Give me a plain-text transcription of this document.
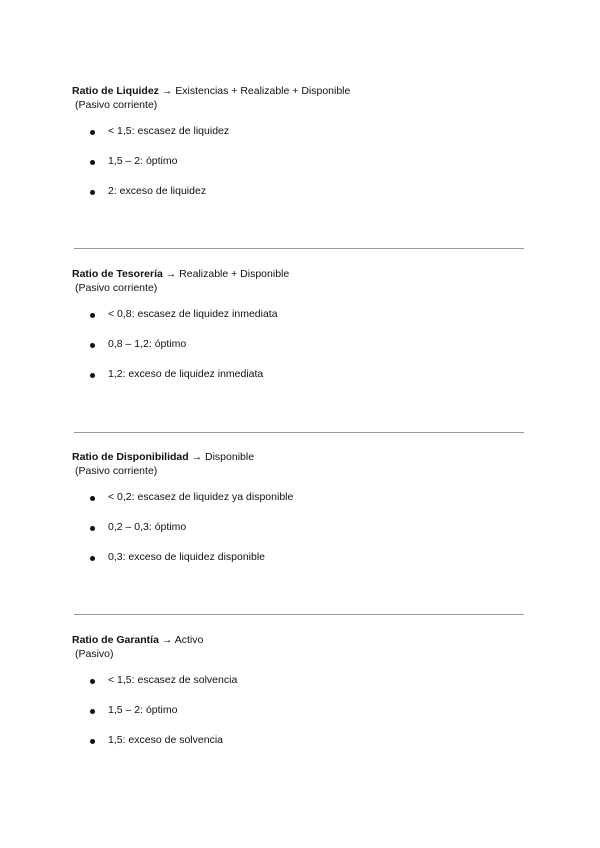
Ratio de Liquidez → Existencias + Realizable + Disponible
(Pasivo corriente)
< 1,5: escasez de liquidez
1,5 – 2: óptimo
2: exceso de liquidez
Ratio de Tesorería → Realizable + Disponible
(Pasivo corriente)
< 0,8: escasez de liquidez inmediata
0,8 – 1,2: óptimo
1,2: exceso de liquidez inmediata
Ratio de Disponibilidad → Disponible
(Pasivo corriente)
< 0,2: escasez de liquidez ya disponible
0,2 – 0,3: óptimo
0,3: exceso de liquidez disponible
Ratio de Garantía → Activo
(Pasivo)
< 1,5: escasez de solvencia
1,5 – 2: óptimo
1,5: exceso de solvencia
